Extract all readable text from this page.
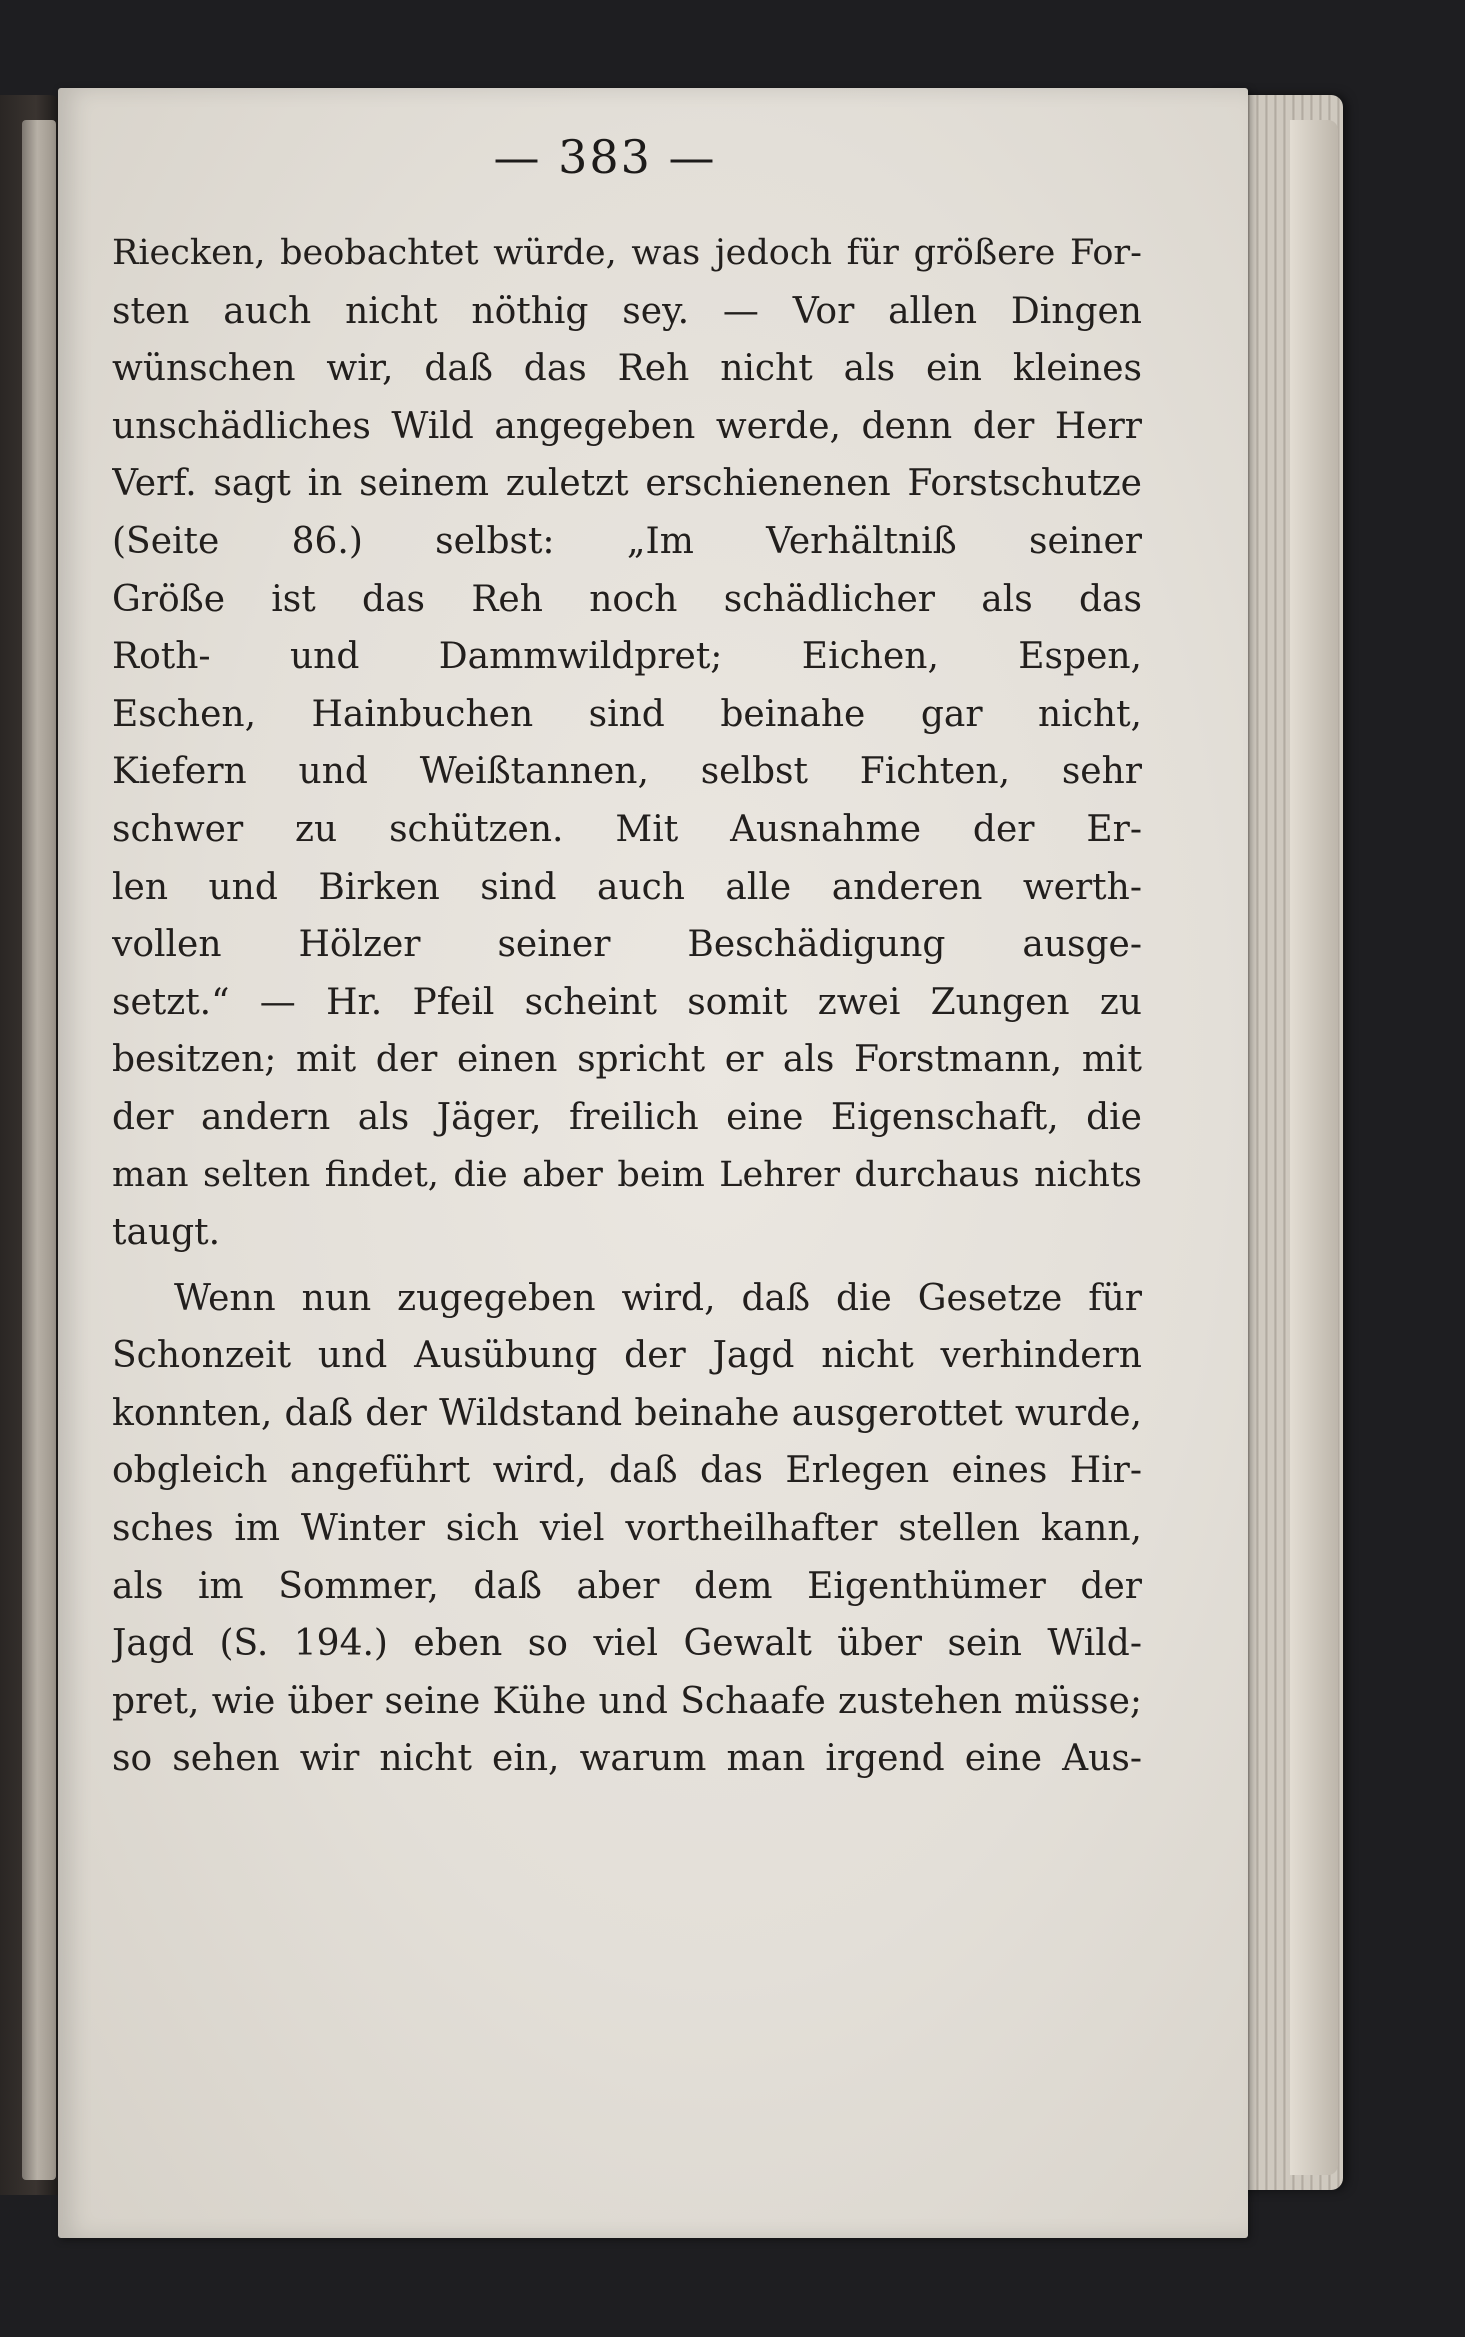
— 383 —
Riecken, beobachtet würde, was jedoch für größere For-
sten auch nicht nöthig sey. — Vor allen Dingen
wünschen wir, daß das Reh nicht als ein kleines
unschädliches Wild angegeben werde, denn der Herr
Verf. sagt in seinem zuletzt erschienenen Forstschutze
(Seite 86.) selbst: „Im Verhältniß seiner
Größe ist das Reh noch schädlicher als das
Roth- und Dammwildpret; Eichen, Espen,
Eschen, Hainbuchen sind beinahe gar nicht,
Kiefern und Weißtannen, selbst Fichten, sehr
schwer zu schützen. Mit Ausnahme der Er-
len und Birken sind auch alle anderen werth-
vollen Hölzer seiner Beschädigung ausge-
setzt.“ — Hr. Pfeil scheint somit zwei Zungen zu
besitzen; mit der einen spricht er als Forstmann, mit
der andern als Jäger, freilich eine Eigenschaft, die
man selten findet, die aber beim Lehrer durchaus nichts
taugt.
Wenn nun zugegeben wird, daß die Gesetze für
Schonzeit und Ausübung der Jagd nicht verhindern
konnten, daß der Wildstand beinahe ausgerottet wurde,
obgleich angeführt wird, daß das Erlegen eines Hir-
sches im Winter sich viel vortheilhafter stellen kann,
als im Sommer, daß aber dem Eigenthümer der
Jagd (S. 194.) eben so viel Gewalt über sein Wild-
pret, wie über seine Kühe und Schaafe zustehen müsse;
so sehen wir nicht ein, warum man irgend eine Aus-
